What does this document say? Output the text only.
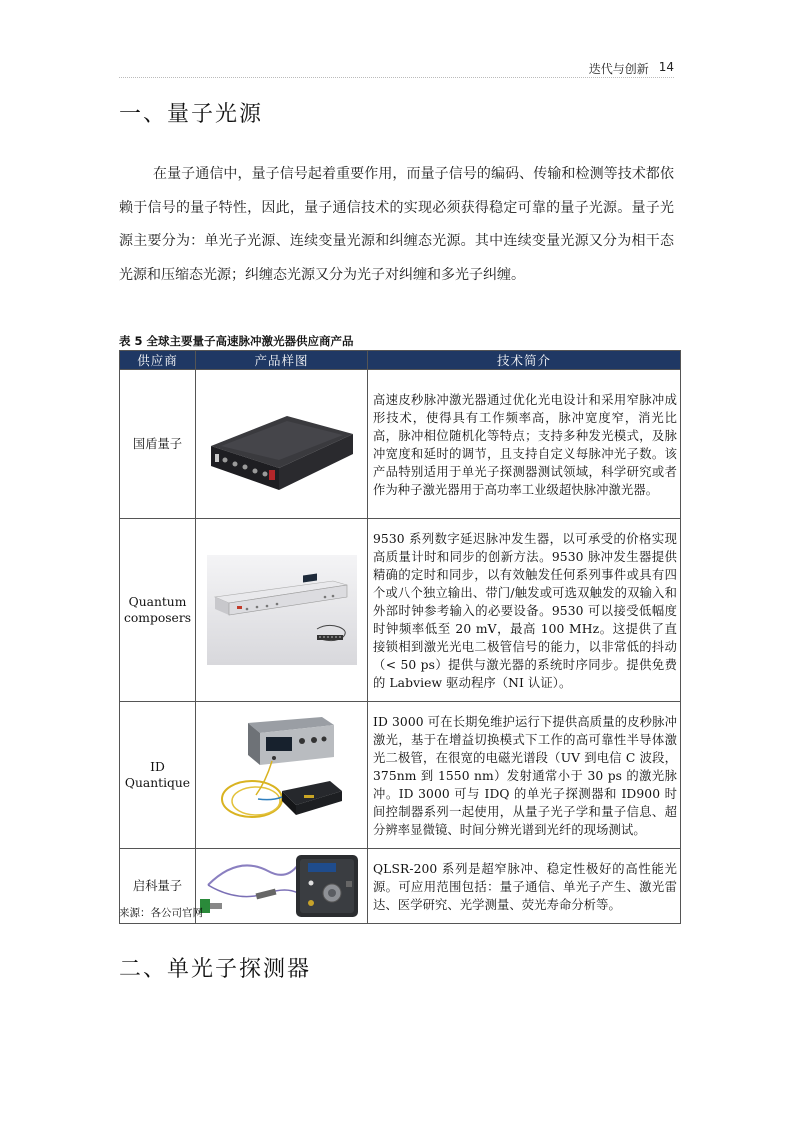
迭代与创新 14
一、量子光源

在量子通信中，量子信号起着重要作用，而量子信号的编码、传输和检测等技术都依赖于信号的量子特性，因此，量子通信技术的实现必须获得稳定可靠的量子光源。量子光源主要分为：单光子光源、连续变量光源和纠缠态光源。其中连续变量光源又分为相干态光源和压缩态光源；纠缠态光源又分为光子对纠缠和多光子纠缠。

表 5 全球主要量子高速脉冲激光器供应商产品
供应商	产品样图	技术简介
国盾量子		高速皮秒脉冲激光器通过优化光电设计和采用窄脉冲成形技术，使得具有工作频率高，脉冲宽度窄，消光比高，脉冲相位随机化等特点；支持多种发光模式，及脉冲宽度和延时的调节，且支持自定义每脉冲光子数。该产品特别适用于单光子探测器测试领域，科学研究或者作为种子激光器用于高功率工业级超快脉冲激光器。
Quantum composers		9530 系列数字延迟脉冲发生器，以可承受的价格实现高质量计时和同步的创新方法。9530 脉冲发生器提供精确的定时和同步，以有效触发任何系列事件或具有四个或八个独立输出、带门/触发或可选双触发的双输入和外部时钟参考输入的必要设备。9530 可以接受低幅度时钟频率低至 20 mV，最高 100 MHz。这提供了直接锁相到激光光电二极管信号的能力，以非常低的抖动（< 50 ps）提供与激光器的系统时序同步。提供免费的 Labview 驱动程序（NI 认证）。
ID Quantique		ID 3000 可在长期免维护运行下提供高质量的皮秒脉冲激光，基于在增益切换模式下工作的高可靠性半导体激光二极管，在很宽的电磁光谱段（UV 到电信 C 波段，375nm 到 1550 nm）发射通常小于 30 ps 的激光脉冲。ID 3000 可与 IDQ 的单光子探测器和 ID900 时间控制器系列一起使用，从量子光子学和量子信息、超分辨率显微镜、时间分辨光谱到光纤的现场测试。
启科量子		QLSR-200 系列是超窄脉冲、稳定性极好的高性能光源。可应用范围包括：量子通信、单光子产生、激光雷达、医学研究、光学测量、荧光寿命分析等。
来源：各公司官网
二、单光子探测器
